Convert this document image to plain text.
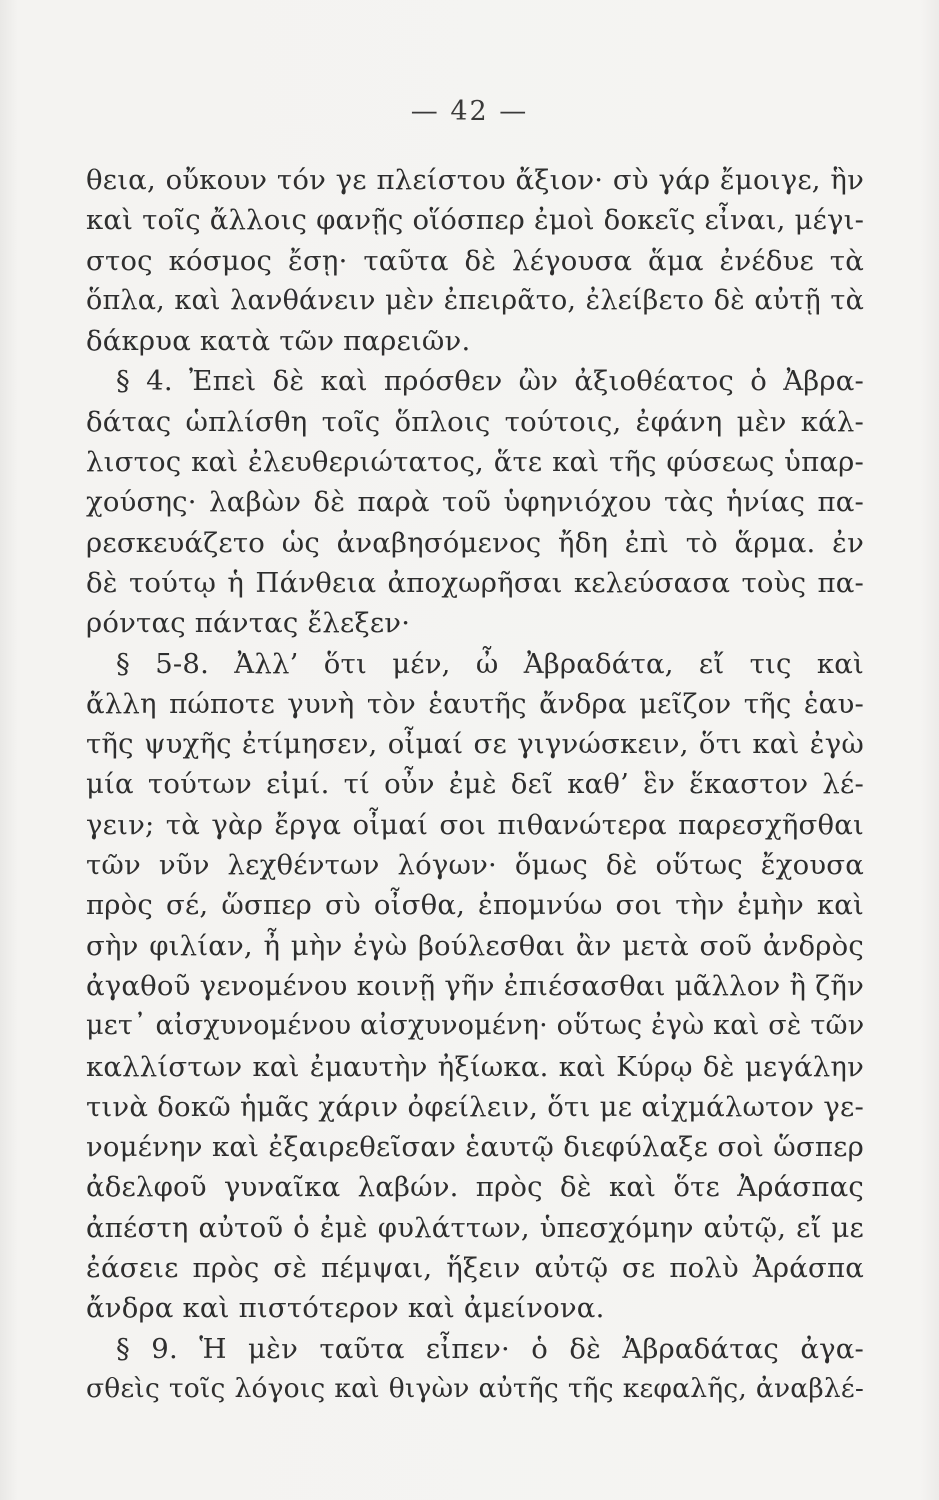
— 42 —
θεια, οὔκουν τόν γε πλείστου ἄξιον· σὺ γάρ ἔμοιγε, ἣν
καὶ τοῖς ἄλλοις φανῇς οἵόσπερ ἐμοὶ δοκεῖς εἶναι, μέγι-
στος κόσμος ἔσῃ· ταῦτα δὲ λέγουσα ἅμα ἐνέδυε τὰ
ὅπλα, καὶ λανθάνειν μὲν ἐπειρᾶτο, ἐλείβετο δὲ αὐτῇ τὰ
δάκρυα κατὰ τῶν παρειῶν.
§ 4. Ἐπεὶ δὲ καὶ πρόσθεν ὢν ἀξιοθέατος ὁ Ἀβρα-
δάτας ὡπλίσθη τοῖς ὅπλοις τούτοις, ἐφάνη μὲν κάλ-
λιστος καὶ ἐλευθεριώτατος, ἅτε καὶ τῆς φύσεως ὑπαρ-
χούσης· λαβὼν δὲ παρὰ τοῦ ὑφηνιόχου τὰς ἡνίας πα-
ρεσκευάζετο ὡς ἀναβησόμενος ἤδη ἐπὶ τὸ ἅρμα. ἐν
δὲ τούτῳ ἡ Πάνθεια ἀποχωρῆσαι κελεύσασα τοὺς πα-
ρόντας πάντας ἔλεξεν·
§ 5-8. Ἀλλ’ ὅτι μέν, ὦ Ἀβραδάτα, εἴ τις καὶ
ἄλλη πώποτε γυνὴ τὸν ἑαυτῆς ἄνδρα μεῖζον τῆς ἑαυ-
τῆς ψυχῆς ἐτίμησεν, οἶμαί σε γιγνώσκειν, ὅτι καὶ ἐγὼ
μία τούτων εἰμί. τί οὖν ἐμὲ δεῖ καθ’ ἓν ἕκαστον λέ-
γειν; τὰ γὰρ ἔργα οἶμαί σοι πιθανώτερα παρεσχῆσθαι
τῶν νῦν λεχθέντων λόγων· ὅμως δὲ οὕτως ἔχουσα
πρὸς σέ, ὥσπερ σὺ οἶσθα, ἐπομνύω σοι τὴν ἐμὴν καὶ
σὴν φιλίαν, ἦ μὴν ἐγὼ βούλεσθαι ἂν μετὰ σοῦ ἀνδρὸς
ἀγαθοῦ γενομένου κοινῇ γῆν ἐπιέσασθαι μᾶλλον ἢ ζῆν
μετ᾽ αἰσχυνομένου αἰσχυνομένη· οὕτως ἐγὼ καὶ σὲ τῶν
καλλίστων καὶ ἐμαυτὴν ἠξίωκα. καὶ Κύρῳ δὲ μεγάλην
τινὰ δοκῶ ἡμᾶς χάριν ὀφείλειν, ὅτι με αἰχμάλωτον γε-
νομένην καὶ ἐξαιρεθεῖσαν ἑαυτῷ διεφύλαξε σοὶ ὥσπερ
ἀδελφοῦ γυναῖκα λαβών. πρὸς δὲ καὶ ὅτε Ἀράσπας
ἀπέστη αὐτοῦ ὁ ἐμὲ φυλάττων, ὑπεσχόμην αὐτῷ, εἴ με
ἐάσειε πρὸς σὲ πέμψαι, ἥξειν αὐτῷ σε πολὺ Ἀράσπα
ἄνδρα καὶ πιστότερον καὶ ἀμείνονα.
§ 9. Ἡ μὲν ταῦτα εἶπεν· ὁ δὲ Ἀβραδάτας ἀγα-
σθεὶς τοῖς λόγοις καὶ θιγὼν αὐτῆς τῆς κεφαλῆς, ἀναβλέ-
